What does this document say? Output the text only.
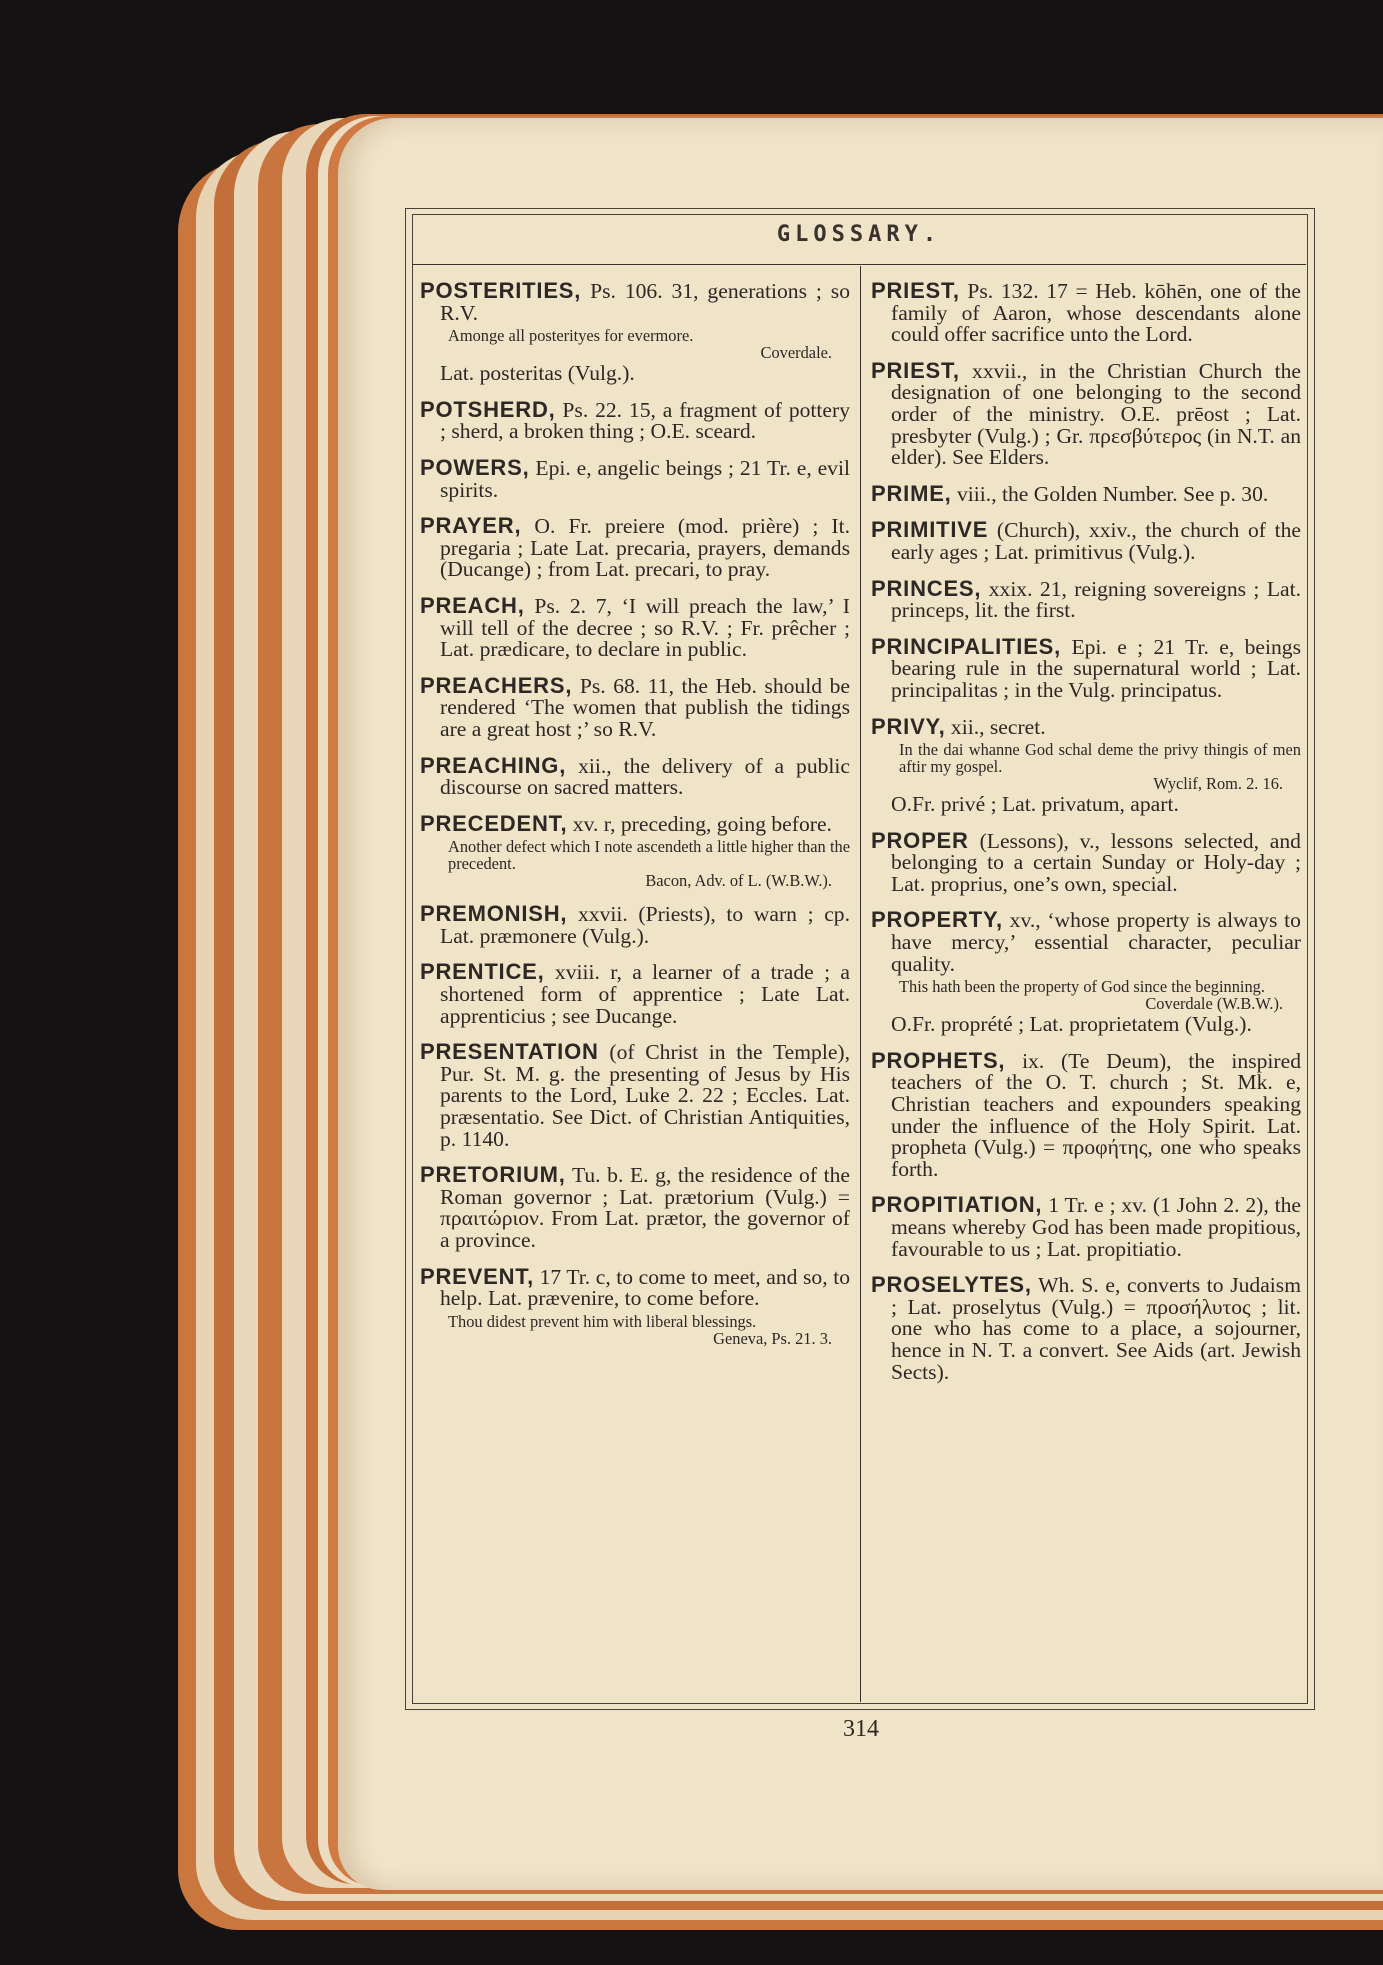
GLOSSARY.
POSTERITIES, Ps. 106. 31, generations ; so R.V.
Amonge all posterityes for evermore.
Coverdale.
Lat. posteritas (Vulg.).
POTSHERD, Ps. 22. 15, a fragment of pottery ; sherd, a broken thing ; O.E. sceard.
POWERS, Epi. e, angelic beings ; 21 Tr. e, evil spirits.
PRAYER, O. Fr. preiere (mod. prière) ; It. pregaria ; Late Lat. precaria, prayers, demands (Ducange) ; from Lat. precari, to pray.
PREACH, Ps. 2. 7, ‘I will preach the law,’ I will tell of the decree ; so R.V. ; Fr. prêcher ; Lat. prædicare, to declare in public.
PREACHERS, Ps. 68. 11, the Heb. should be rendered ‘The women that publish the tidings are a great host ;’ so R.V.
PREACHING, xii., the delivery of a public discourse on sacred matters.
PRECEDENT, xv. r, preceding, going before.
Another defect which I note ascendeth a little higher than the precedent.
Bacon, Adv. of L. (W.B.W.).
PREMONISH, xxvii. (Priests), to warn ; cp. Lat. præmonere (Vulg.).
PRENTICE, xviii. r, a learner of a trade ; a shortened form of apprentice ; Late Lat. apprenticius ; see Ducange.
PRESENTATION (of Christ in the Temple), Pur. St. M. g. the presenting of Jesus by His parents to the Lord, Luke 2. 22 ; Eccles. Lat. præsentatio. See Dict. of Christian Antiquities, p. 1140.
PRETORIUM, Tu. b. E. g, the residence of the Roman governor ; Lat. prætorium (Vulg.) = πραιτώριον. From Lat. prætor, the governor of a province.
PREVENT, 17 Tr. c, to come to meet, and so, to help. Lat. prævenire, to come before.
Thou didest prevent him with liberal blessings.
Geneva, Ps. 21. 3.
PRIEST, Ps. 132. 17 = Heb. kōhēn, one of the family of Aaron, whose descendants alone could offer sacrifice unto the Lord.
PRIEST, xxvii., in the Christian Church the designation of one belonging to the second order of the ministry. O.E. prēost ; Lat. presbyter (Vulg.) ; Gr. πρεσβύτερος (in N.T. an elder). See Elders.
PRIME, viii., the Golden Number. See p. 30.
PRIMITIVE (Church), xxiv., the church of the early ages ; Lat. primitivus (Vulg.).
PRINCES, xxix. 21, reigning sovereigns ; Lat. princeps, lit. the first.
PRINCIPALITIES, Epi. e ; 21 Tr. e, beings bearing rule in the supernatural world ; Lat. principalitas ; in the Vulg. principatus.
PRIVY, xii., secret.
In the dai whanne God schal deme the privy thingis of men aftir my gospel.
Wyclif, Rom. 2. 16.
O.Fr. privé ; Lat. privatum, apart.
PROPER (Lessons), v., lessons selected, and belonging to a certain Sunday or Holy-day ; Lat. proprius, one’s own, special.
PROPERTY, xv., ‘whose property is always to have mercy,’ essential character, peculiar quality.
This hath been the property of God since the beginning.
Coverdale (W.B.W.).
O.Fr. proprété ; Lat. proprietatem (Vulg.).
PROPHETS, ix. (Te Deum), the inspired teachers of the O. T. church ; St. Mk. e, Christian teachers and expounders speaking under the influence of the Holy Spirit. Lat. propheta (Vulg.) = προφήτης, one who speaks forth.
PROPITIATION, 1 Tr. e ; xv. (1 John 2. 2), the means whereby God has been made propitious, favourable to us ; Lat. propitiatio.
PROSELYTES, Wh. S. e, converts to Judaism ; Lat. proselytus (Vulg.) = προσήλυτος ; lit. one who has come to a place, a sojourner, hence in N. T. a convert. See Aids (art. Jewish Sects).
314
